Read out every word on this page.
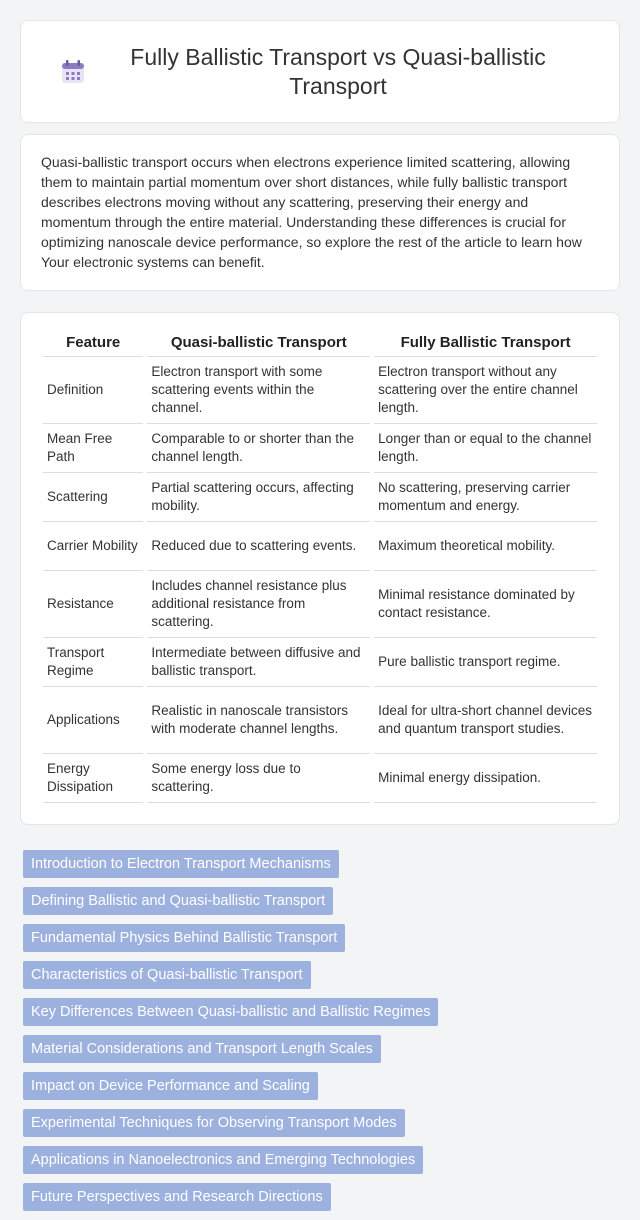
Fully Ballistic Transport vs Quasi-ballistic Transport

Quasi-ballistic transport occurs when electrons experience limited scattering, allowing them to maintain partial momentum over short distances, while fully ballistic transport describes electrons moving without any scattering, preserving their energy and momentum through the entire material. Understanding these differences is crucial for optimizing nanoscale device performance, so explore the rest of the article to learn how Your electronic systems can benefit.

Feature	Quasi-ballistic Transport	Fully Ballistic Transport
Definition	Electron transport with some scattering events within the channel.	Electron transport without any scattering over the entire channel length.
Mean Free Path	Comparable to or shorter than the channel length.	Longer than or equal to the channel length.
Scattering	Partial scattering occurs, affecting mobility.	No scattering, preserving carrier momentum and energy.
Carrier Mobility	Reduced due to scattering events.	Maximum theoretical mobility.
Resistance	Includes channel resistance plus additional resistance from scattering.	Minimal resistance dominated by contact resistance.
Transport Regime	Intermediate between diffusive and ballistic transport.	Pure ballistic transport regime.
Applications	Realistic in nanoscale transistors with moderate channel lengths.	Ideal for ultra-short channel devices and quantum transport studies.
Energy Dissipation	Some energy loss due to scattering.	Minimal energy dissipation.
Introduction to Electron Transport Mechanisms
Defining Ballistic and Quasi-ballistic Transport
Fundamental Physics Behind Ballistic Transport
Characteristics of Quasi-ballistic Transport
Key Differences Between Quasi-ballistic and Ballistic Regimes
Material Considerations and Transport Length Scales
Impact on Device Performance and Scaling
Experimental Techniques for Observing Transport Modes
Applications in Nanoelectronics and Emerging Technologies
Future Perspectives and Research Directions
